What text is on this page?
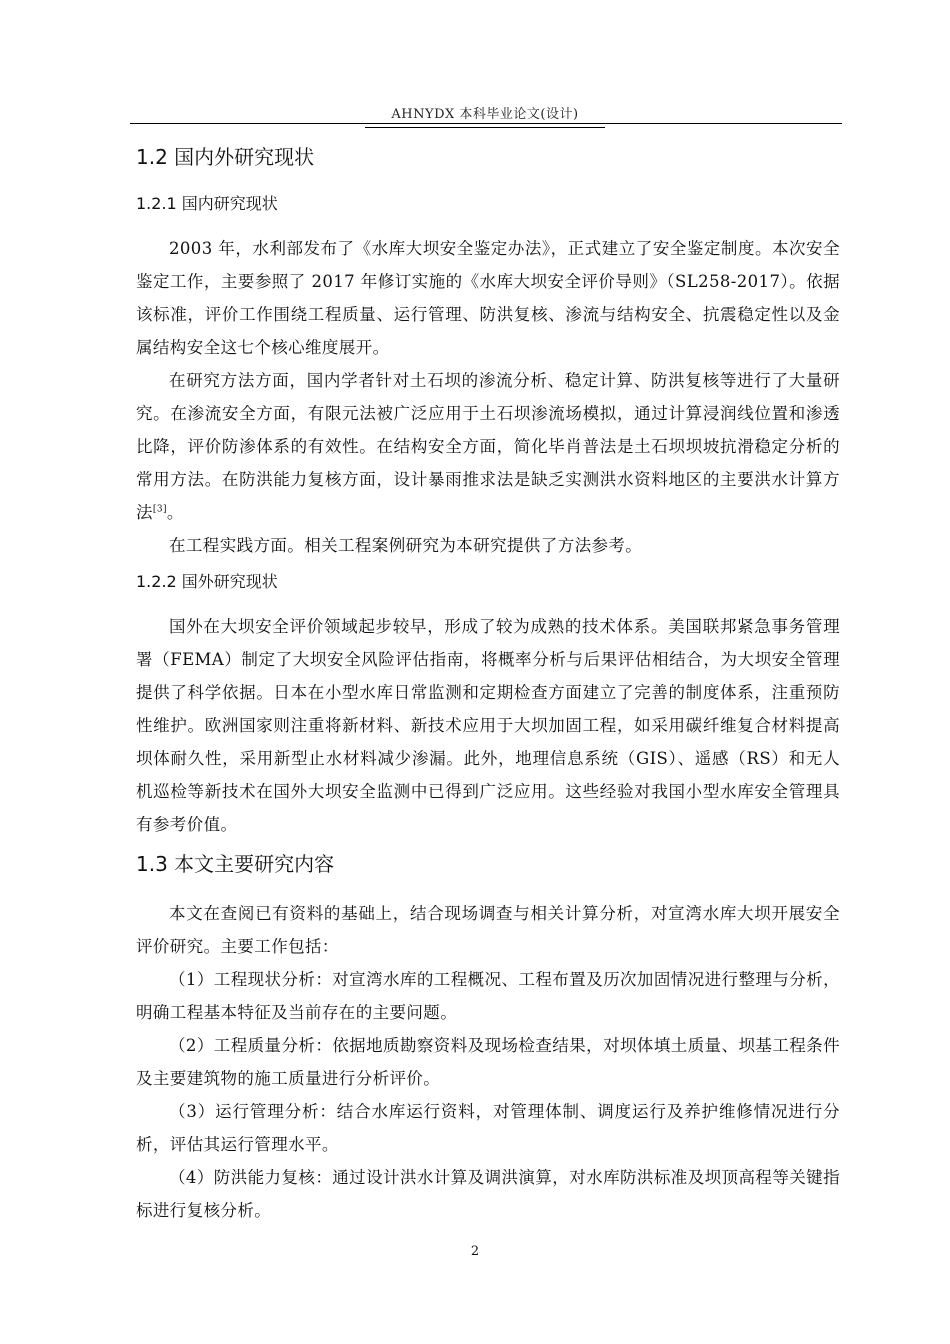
AHNYDX 本科毕业论文(设计)
1.2 国内外研究现状
1.2.1 国内研究现状

2003 年，水利部发布了《水库大坝安全鉴定办法》，正式建立了安全鉴定制度。本次安全鉴定工作，主要参照了 2017 年修订实施的《水库大坝安全评价导则》（SL258-2017）。依据该标准，评价工作围绕工程质量、运行管理、防洪复核、渗流与结构安全、抗震稳定性以及金属结构安全这七个核心维度展开。

在研究方法方面，国内学者针对土石坝的渗流分析、稳定计算、防洪复核等进行了大量研究。在渗流安全方面，有限元法被广泛应用于土石坝渗流场模拟，通过计算浸润线位置和渗透比降，评价防渗体系的有效性。在结构安全方面，简化毕肖普法是土石坝坝坡抗滑稳定分析的常用方法。在防洪能力复核方面，设计暴雨推求法是缺乏实测洪水资料地区的主要洪水计算方法[3]。

在工程实践方面。相关工程案例研究为本研究提供了方法参考。

1.2.2 国外研究现状

国外在大坝安全评价领域起步较早，形成了较为成熟的技术体系。美国联邦紧急事务管理署（FEMA）制定了大坝安全风险评估指南，将概率分析与后果评估相结合，为大坝安全管理提供了科学依据。日本在小型水库日常监测和定期检查方面建立了完善的制度体系，注重预防性维护。欧洲国家则注重将新材料、新技术应用于大坝加固工程，如采用碳纤维复合材料提高坝体耐久性，采用新型止水材料减少渗漏。此外，地理信息系统（GIS）、遥感（RS）和无人机巡检等新技术在国外大坝安全监测中已得到广泛应用。这些经验对我国小型水库安全管理具有参考价值。

1.3 本文主要研究内容

本文在查阅已有资料的基础上，结合现场调查与相关计算分析，对宣湾水库大坝开展安全评价研究。主要工作包括：

（1）工程现状分析：对宣湾水库的工程概况、工程布置及历次加固情况进行整理与分析，明确工程基本特征及当前存在的主要问题。

（2）工程质量分析：依据地质勘察资料及现场检查结果，对坝体填土质量、坝基工程条件及主要建筑物的施工质量进行分析评价。

（3）运行管理分析：结合水库运行资料，对管理体制、调度运行及养护维修情况进行分析，评估其运行管理水平。

（4）防洪能力复核：通过设计洪水计算及调洪演算，对水库防洪标准及坝顶高程等关键指标进行复核分析。

2
